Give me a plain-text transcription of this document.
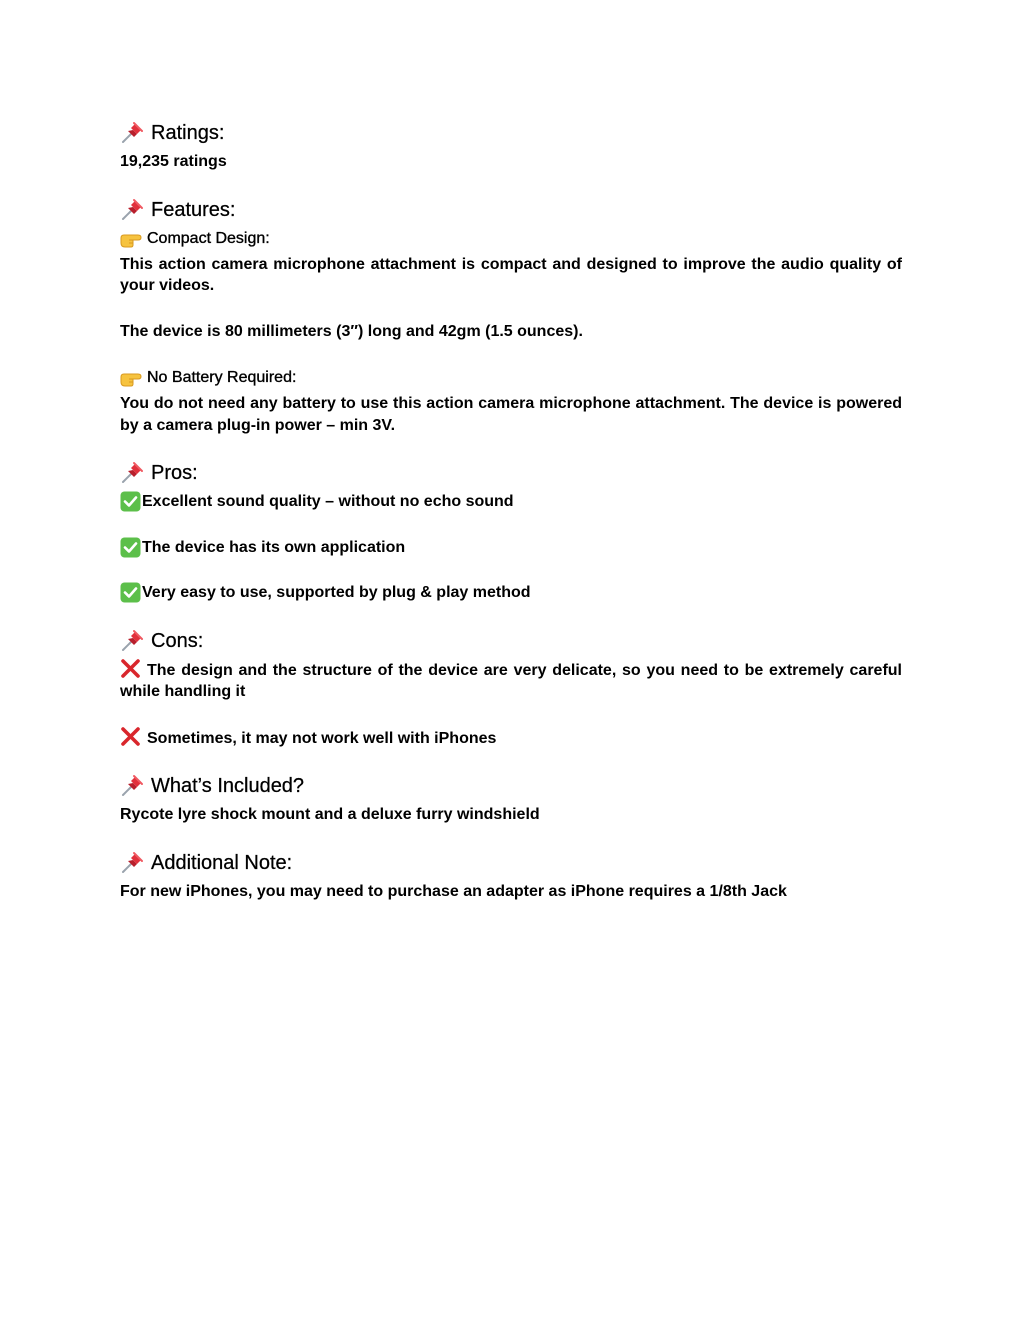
Ratings:

19,235 ratings

Features:
Compact Design:

This action camera microphone attachment is compact and designed to improve the audio quality of your videos.

The device is 80 millimeters (3″) long and 42gm (1.5 ounces).

No Battery Required:

You do not need any battery to use this action camera microphone attachment. The device is powered by a camera plug-in power – min 3V.

Pros:
Excellent sound quality – without no echo sound
The device has its own application
Very easy to use, supported by plug & play method
Cons:

The design and the structure of the device are very delicate, so you need to be extremely careful while handling it

Sometimes, it may not work well with iPhones

What’s Included?

Rycote lyre shock mount and a deluxe furry windshield

Additional Note:

For new iPhones, you may need to purchase an adapter as iPhone requires a 1/8th Jack
